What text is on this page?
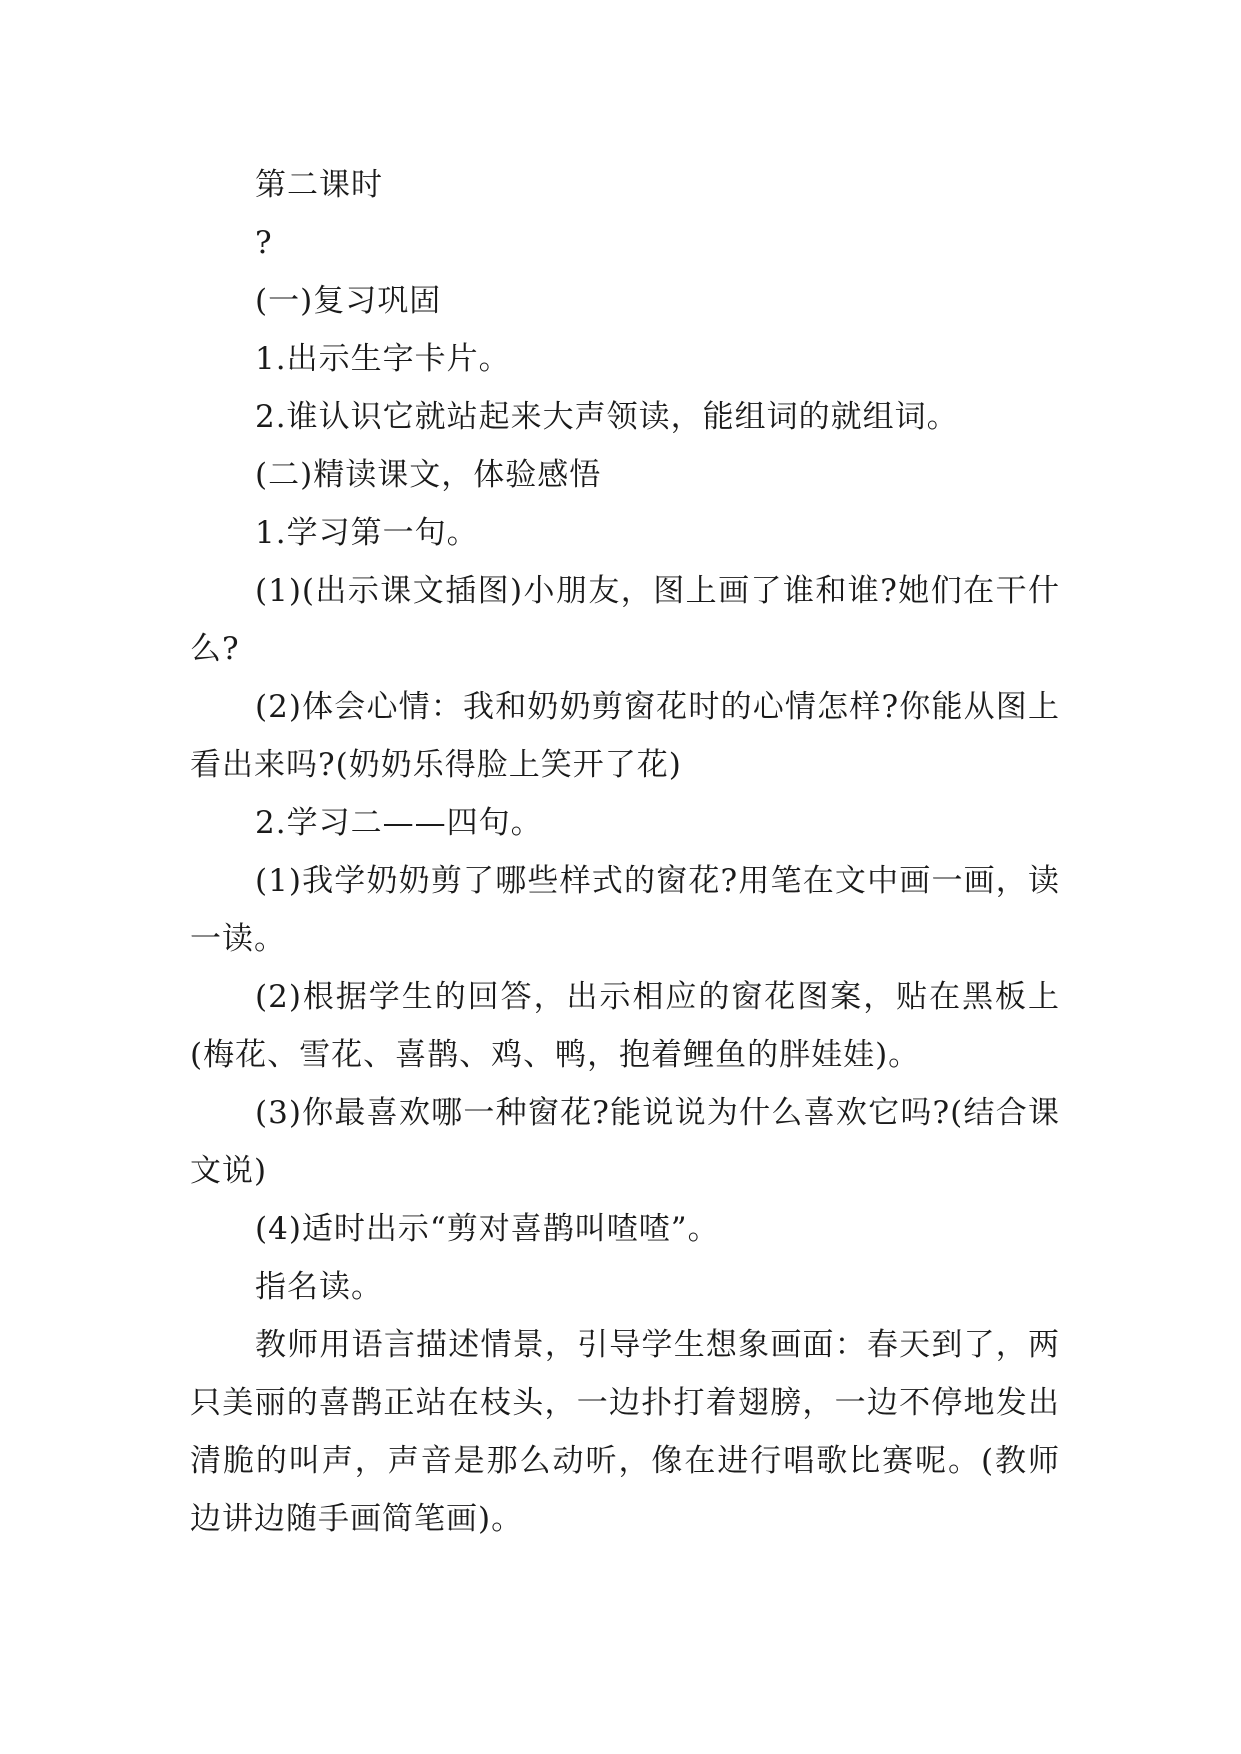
第二课时

?

(一)复习巩固

1.出示生字卡片。

2.谁认识它就站起来大声领读，能组词的就组词。

(二)精读课文，体验感悟

1.学习第一句。

(1)(出示课文插图)小朋友，图上画了谁和谁?她们在干什么?

(2)体会心情：我和奶奶剪窗花时的心情怎样?你能从图上看出来吗?(奶奶乐得脸上笑开了花)

2.学习二——四句。

(1)我学奶奶剪了哪些样式的窗花?用笔在文中画一画，读一读。

(2)根据学生的回答，出示相应的窗花图案，贴在黑板上(梅花、雪花、喜鹊、鸡、鸭，抱着鲤鱼的胖娃娃)。

(3)你最喜欢哪一种窗花?能说说为什么喜欢它吗?(结合课文说)

(4)适时出示“剪对喜鹊叫喳喳”。

指名读。

教师用语言描述情景，引导学生想象画面：春天到了，两只美丽的喜鹊正站在枝头，一边扑打着翅膀，一边不停地发出清脆的叫声，声音是那么动听，像在进行唱歌比赛呢。(教师边讲边随手画简笔画)。
